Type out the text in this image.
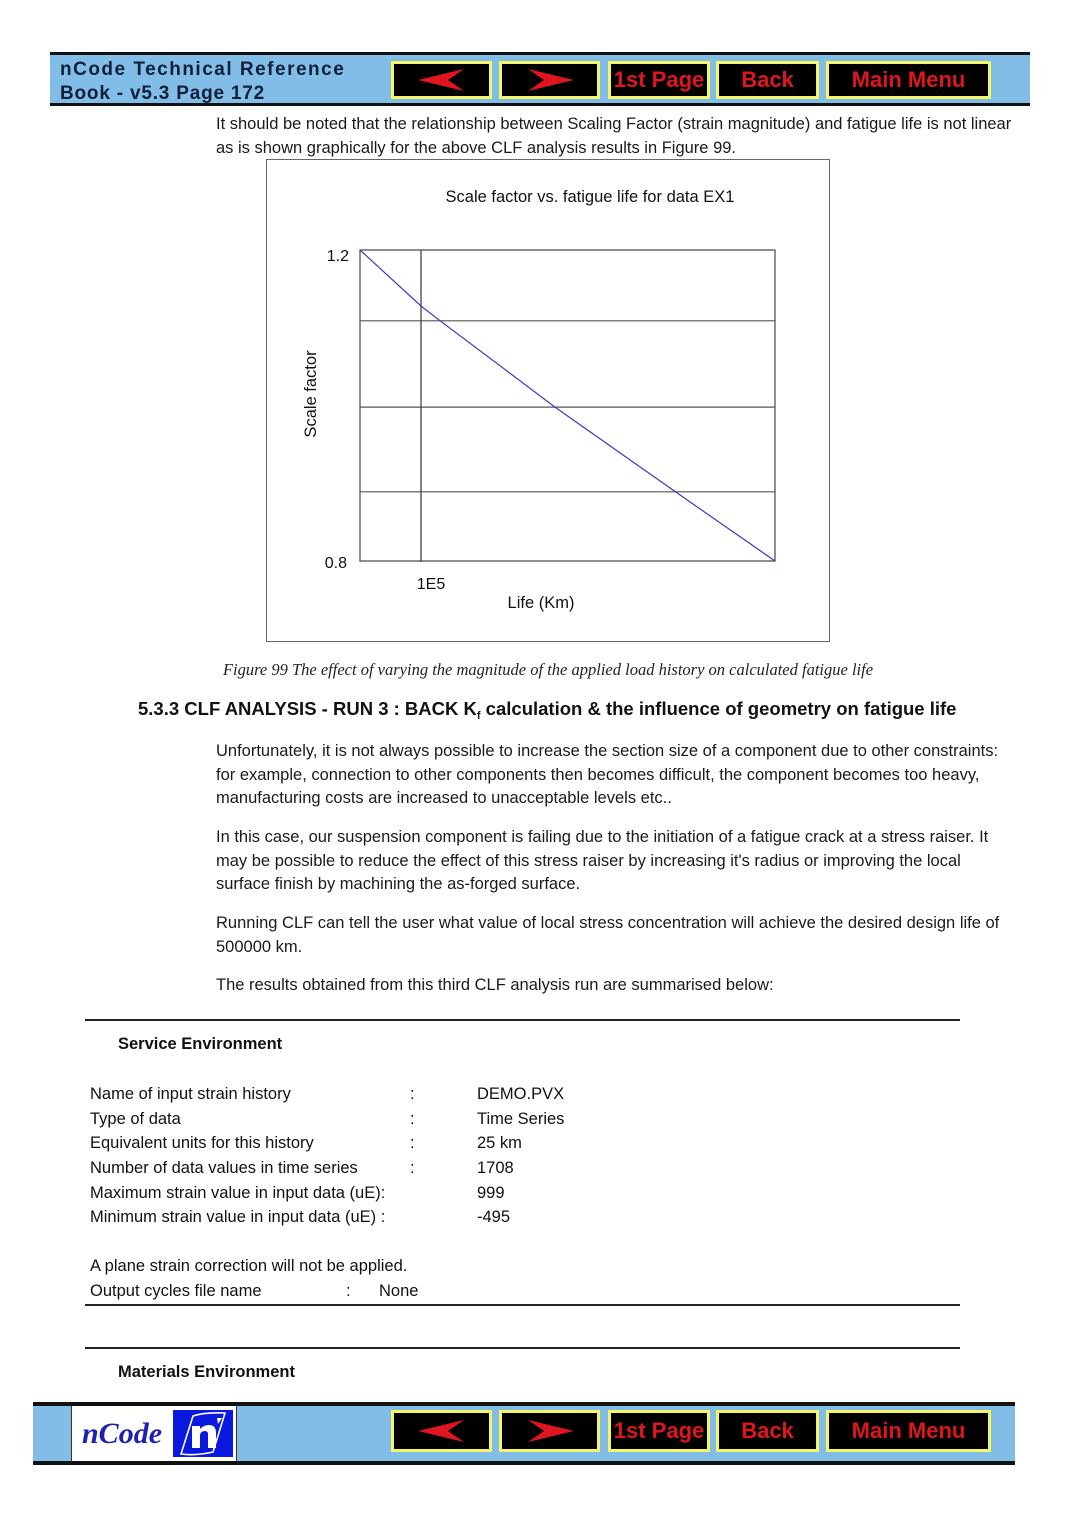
nCode Technical Reference
Book - v5.3 Page 172
1st Page	Back	Main Menu
It should be noted that the relationship between Scaling Factor (strain magnitude) and fatigue life is not linear as is shown graphically for the above CLF analysis results in Figure 99.
Scale factor vs. fatigue life for data EX1
1.2
0.8
1E5
Life (Km)
Scale factor
Figure 99 The effect of varying the magnitude of the applied load history on calculated fatigue life
5.3.3 CLF ANALYSIS - RUN 3 : BACK $K_f$ calculation & the influence of geometry on fatigue life
Unfortunately, it is not always possible to increase the section size of a component due to other constraints: for example, connection to other components then becomes difficult, the component becomes too heavy, manufacturing costs are increased to unacceptable levels etc..
In this case, our suspension component is failing due to the initiation of a fatigue crack at a stress raiser. It may be possible to reduce the effect of this stress raiser by increasing it's radius or improving the local surface finish by machining the as-forged surface.
Running CLF can tell the user what value of local stress concentration will achieve the desired design life of 500000 km.
The results obtained from this third CLF analysis run are summarised below:
Service Environment
Name of input strain history	:	DEMO.PVX
Type of data	:	Time Series
Equivalent units for this history	:	25 km
Number of data values in time series	:	1708
Maximum strain value in input data (uE):	999
Minimum strain value in input data (uE) :	-495
A plane strain correction will not be applied.
Output cycles file name	: None
Materials Environment
nCode	1st Page	Back	Main Menu
